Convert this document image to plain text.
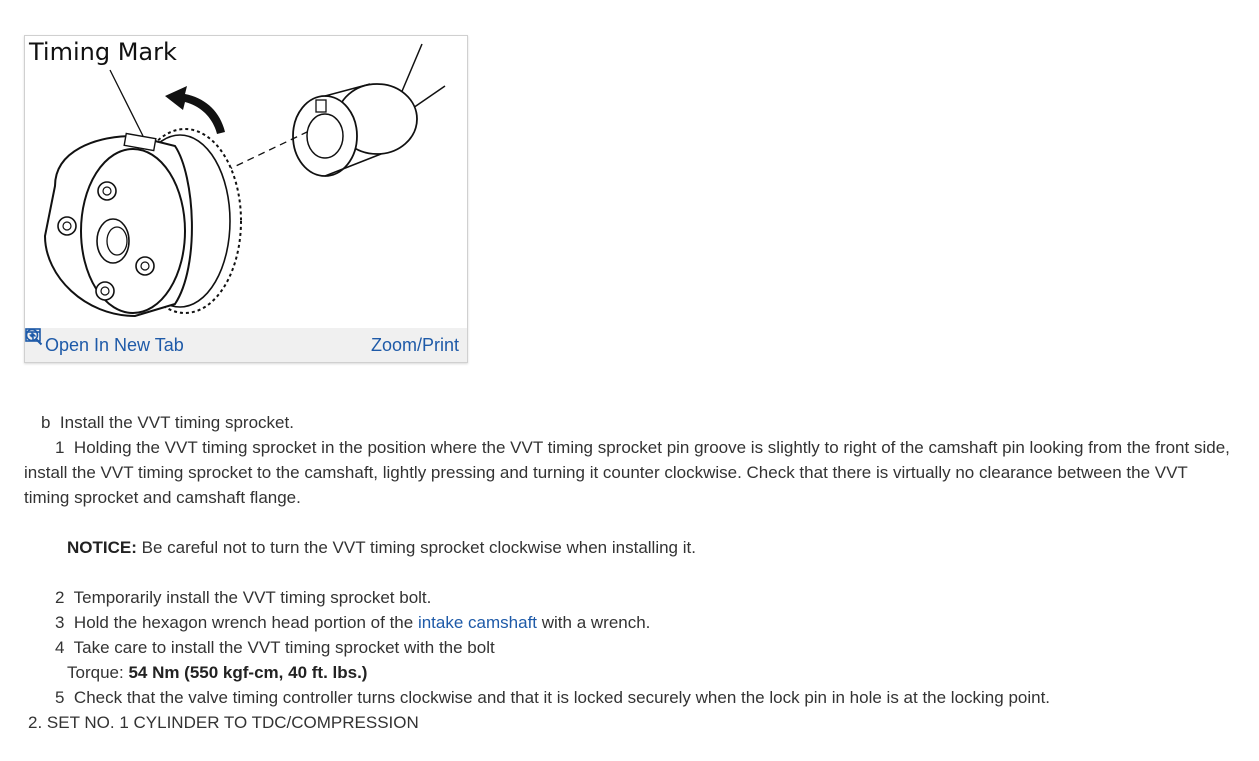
Timing Mark
Open In New Tab	Zoom/Print
b Install the VVT timing sprocket.
1 Holding the VVT timing sprocket in the position where the VVT timing sprocket pin groove is slightly to right of the camshaft pin looking from the front side, install the VVT timing sprocket to the camshaft, lightly pressing and turning it counter clockwise. Check that there is virtually no clearance between the VVT timing sprocket and camshaft flange.
NOTICE: Be careful not to turn the VVT timing sprocket clockwise when installing it.
2 Temporarily install the VVT timing sprocket bolt.
3 Hold the hexagon wrench head portion of the intake camshaft with a wrench.
4 Take care to install the VVT timing sprocket with the bolt
Torque: 54 Nm (550 kgf-cm, 40 ft. lbs.)
5 Check that the valve timing controller turns clockwise and that it is locked securely when the lock pin in hole is at the locking point.
2. SET NO. 1 CYLINDER TO TDC/COMPRESSION
